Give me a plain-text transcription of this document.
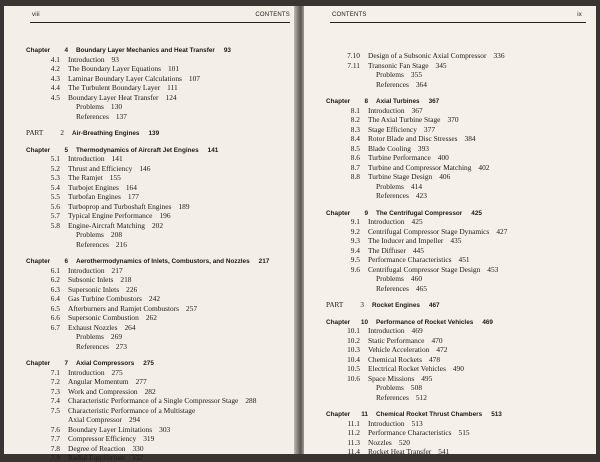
viii	CONTENTS
Chapter 4 Boundary Layer Mechanics and Heat Transfer 93
4.1 Introduction 93
4.2 The Boundary Layer Equations 101
4.3 Laminar Boundary Layer Calculations 107
4.4 The Turbulent Boundary Layer 111
4.5 Boundary Layer Heat Transfer 124
Problems 130
References 137
PART 2 Air-Breathing Engines 139
Chapter 5 Thermodynamics of Aircraft Jet Engines 141
5.1 Introduction 141
5.2 Thrust and Efficiency 146
5.3 The Ramjet 155
5.4 Turbojet Engines 164
5.5 Turbofan Engines 177
5.6 Turboprop and Turboshaft Engines 189
5.7 Typical Engine Performance 196
5.8 Engine-Aircraft Matching 202
Problems 208
References 216
Chapter 6 Aerothermodynamics of Inlets, Combustors, and Nozzles 217
6.1 Introduction 217
6.2 Subsonic Inlets 218
6.3 Supersonic Inlets 226
6.4 Gas Turbine Combustors 242
6.5 Afterburners and Ramjet Combustors 257
6.6 Supersonic Combustion 262
6.7 Exhaust Nozzles 264
Problems 269
References 273
Chapter 7 Axial Compressors 275
7.1 Introduction 275
7.2 Angular Momentum 277
7.3 Work and Compression 282
7.4 Characteristic Performance of a Single Compressor Stage 288
7.5 Characteristic Performance of a Multistage
Axial Compressor 294
7.6 Boundary Layer Limitations 303
7.7 Compressor Efficiency 319
7.8 Degree of Reaction 330
7.9 Radial Equilibrium 332
CONTENTS	ix
7.10 Design of a Subsonic Axial Compressor 336
7.11 Transonic Fan Stage 345
Problems 355
References 364
Chapter 8 Axial Turbines 367
8.1 Introduction 367
8.2 The Axial Turbine Stage 370
8.3 Stage Efficiency 377
8.4 Rotor Blade and Disc Stresses 384
8.5 Blade Cooling 393
8.6 Turbine Performance 400
8.7 Turbine and Compressor Matching 402
8.8 Turbine Stage Design 406
Problems 414
References 423
Chapter 9 The Centrifugal Compressor 425
9.1 Introduction 425
9.2 Centrifugal Compressor Stage Dynamics 427
9.3 The Inducer and Impeller 435
9.4 The Diffuser 445
9.5 Performance Characteristics 451
9.6 Centrifugal Compressor Stage Design 453
Problems 460
References 465
PART 3 Rocket Engines 467
Chapter 10 Performance of Rocket Vehicles 469
10.1 Introduction 469
10.2 Static Performance 470
10.3 Vehicle Acceleration 472
10.4 Chemical Rockets 478
10.5 Electrical Rocket Vehicles 490
10.6 Space Missions 495
Problems 508
References 512
Chapter 11 Chemical Rocket Thrust Chambers 513
11.1 Introduction 513
11.2 Performance Characteristics 515
11.3 Nozzles 520
11.4 Rocket Heat Transfer 541
